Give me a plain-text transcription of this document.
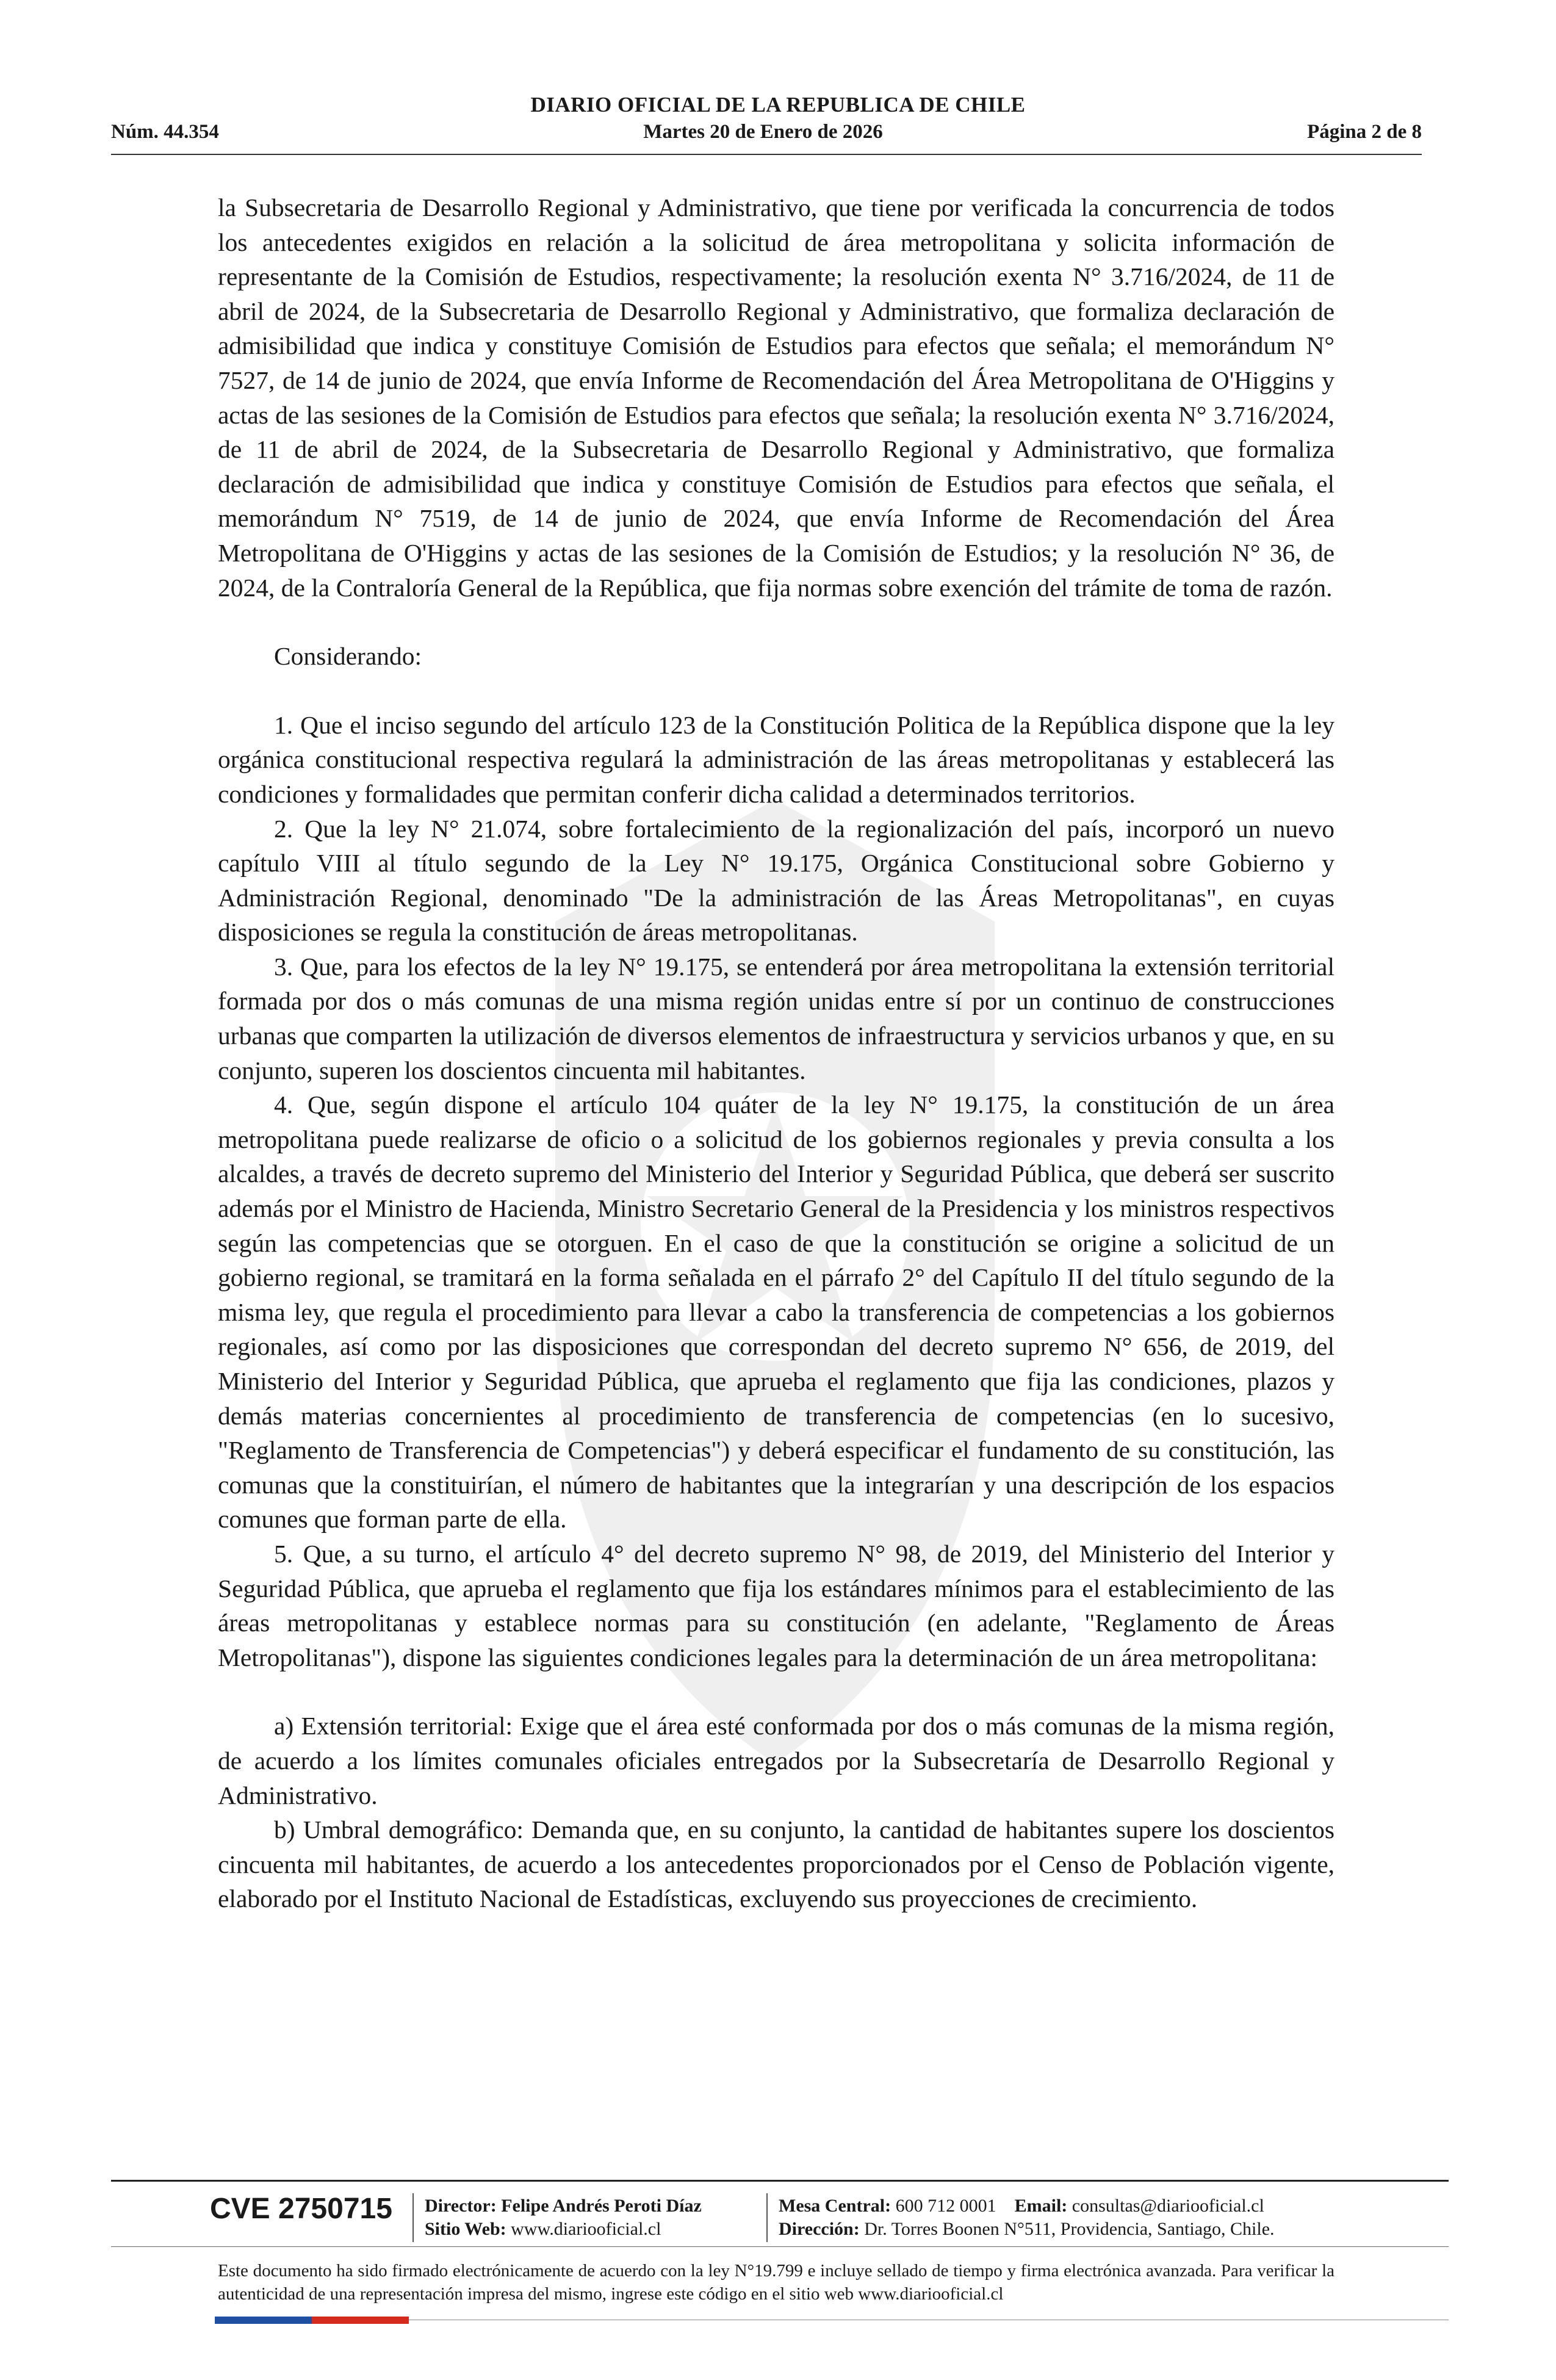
DIARIO OFICIAL DE LA REPUBLICA DE CHILE
Núm. 44.354	Martes 20 de Enero de 2026	Página 2 de 8

la Subsecretaria de Desarrollo Regional y Administrativo, que tiene por verificada la concurrencia de todos los antecedentes exigidos en relación a la solicitud de área metropolitana y solicita información de representante de la Comisión de Estudios, respectivamente; la resolución exenta N° 3.716/2024, de 11 de abril de 2024, de la Subsecretaria de Desarrollo Regional y Administrativo, que formaliza declaración de admisibilidad que indica y constituye Comisión de Estudios para efectos que señala; el memorándum N° 7527, de 14 de junio de 2024, que envía Informe de Recomendación del Área Metropolitana de O'Higgins y actas de las sesiones de la Comisión de Estudios para efectos que señala; la resolución exenta N° 3.716/2024, de 11 de abril de 2024, de la Subsecretaria de Desarrollo Regional y Administrativo, que formaliza declaración de admisibilidad que indica y constituye Comisión de Estudios para efectos que señala, el memorándum N° 7519, de 14 de junio de 2024, que envía Informe de Recomendación del Área Metropolitana de O'Higgins y actas de las sesiones de la Comisión de Estudios; y la resolución N° 36, de 2024, de la Contraloría General de la República, que fija normas sobre exención del trámite de toma de razón.

Considerando:

1. Que el inciso segundo del artículo 123 de la Constitución Politica de la República dispone que la ley orgánica constitucional respectiva regulará la administración de las áreas metropolitanas y establecerá las condiciones y formalidades que permitan conferir dicha calidad a determinados territorios.

2. Que la ley N° 21.074, sobre fortalecimiento de la regionalización del país, incorporó un nuevo capítulo VIII al título segundo de la Ley N° 19.175, Orgánica Constitucional sobre Gobierno y Administración Regional, denominado "De la administración de las Áreas Metropolitanas", en cuyas disposiciones se regula la constitución de áreas metropolitanas.

3. Que, para los efectos de la ley N° 19.175, se entenderá por área metropolitana la extensión territorial formada por dos o más comunas de una misma región unidas entre sí por un continuo de construcciones urbanas que comparten la utilización de diversos elementos de infraestructura y servicios urbanos y que, en su conjunto, superen los doscientos cincuenta mil habitantes.

4. Que, según dispone el artículo 104 quáter de la ley N° 19.175, la constitución de un área metropolitana puede realizarse de oficio o a solicitud de los gobiernos regionales y previa consulta a los alcaldes, a través de decreto supremo del Ministerio del Interior y Seguridad Pública, que deberá ser suscrito además por el Ministro de Hacienda, Ministro Secretario General de la Presidencia y los ministros respectivos según las competencias que se otorguen. En el caso de que la constitución se origine a solicitud de un gobierno regional, se tramitará en la forma señalada en el párrafo 2° del Capítulo II del título segundo de la misma ley, que regula el procedimiento para llevar a cabo la transferencia de competencias a los gobiernos regionales, así como por las disposiciones que correspondan del decreto supremo N° 656, de 2019, del Ministerio del Interior y Seguridad Pública, que aprueba el reglamento que fija las condiciones, plazos y demás materias concernientes al procedimiento de transferencia de competencias (en lo sucesivo, "Reglamento de Transferencia de Competencias") y deberá especificar el fundamento de su constitución, las comunas que la constituirían, el número de habitantes que la integrarían y una descripción de los espacios comunes que forman parte de ella.

5. Que, a su turno, el artículo 4° del decreto supremo N° 98, de 2019, del Ministerio del Interior y Seguridad Pública, que aprueba el reglamento que fija los estándares mínimos para el establecimiento de las áreas metropolitanas y establece normas para su constitución (en adelante, "Reglamento de Áreas Metropolitanas"), dispone las siguientes condiciones legales para la determinación de un área metropolitana:

a) Extensión territorial: Exige que el área esté conformada por dos o más comunas de la misma región, de acuerdo a los límites comunales oficiales entregados por la Subsecretaría de Desarrollo Regional y Administrativo.

b) Umbral demográfico: Demanda que, en su conjunto, la cantidad de habitantes supere los doscientos cincuenta mil habitantes, de acuerdo a los antecedentes proporcionados por el Censo de Población vigente, elaborado por el Instituto Nacional de Estadísticas, excluyendo sus proyecciones de crecimiento.

CVE 2750715 Director: Felipe Andrés Peroti Díaz
Sitio Web: www.diariooficial.cl
Mesa Central: 600 712 0001 Email: consultas@diariooficial.cl
Dirección: Dr. Torres Boonen N°511, Providencia, Santiago, Chile.
Este documento ha sido firmado electrónicamente de acuerdo con la ley N°19.799 e incluye sellado de tiempo y firma electrónica avanzada. Para verificar la autenticidad de una representación impresa del mismo, ingrese este código en el sitio web www.diariooficial.cl
